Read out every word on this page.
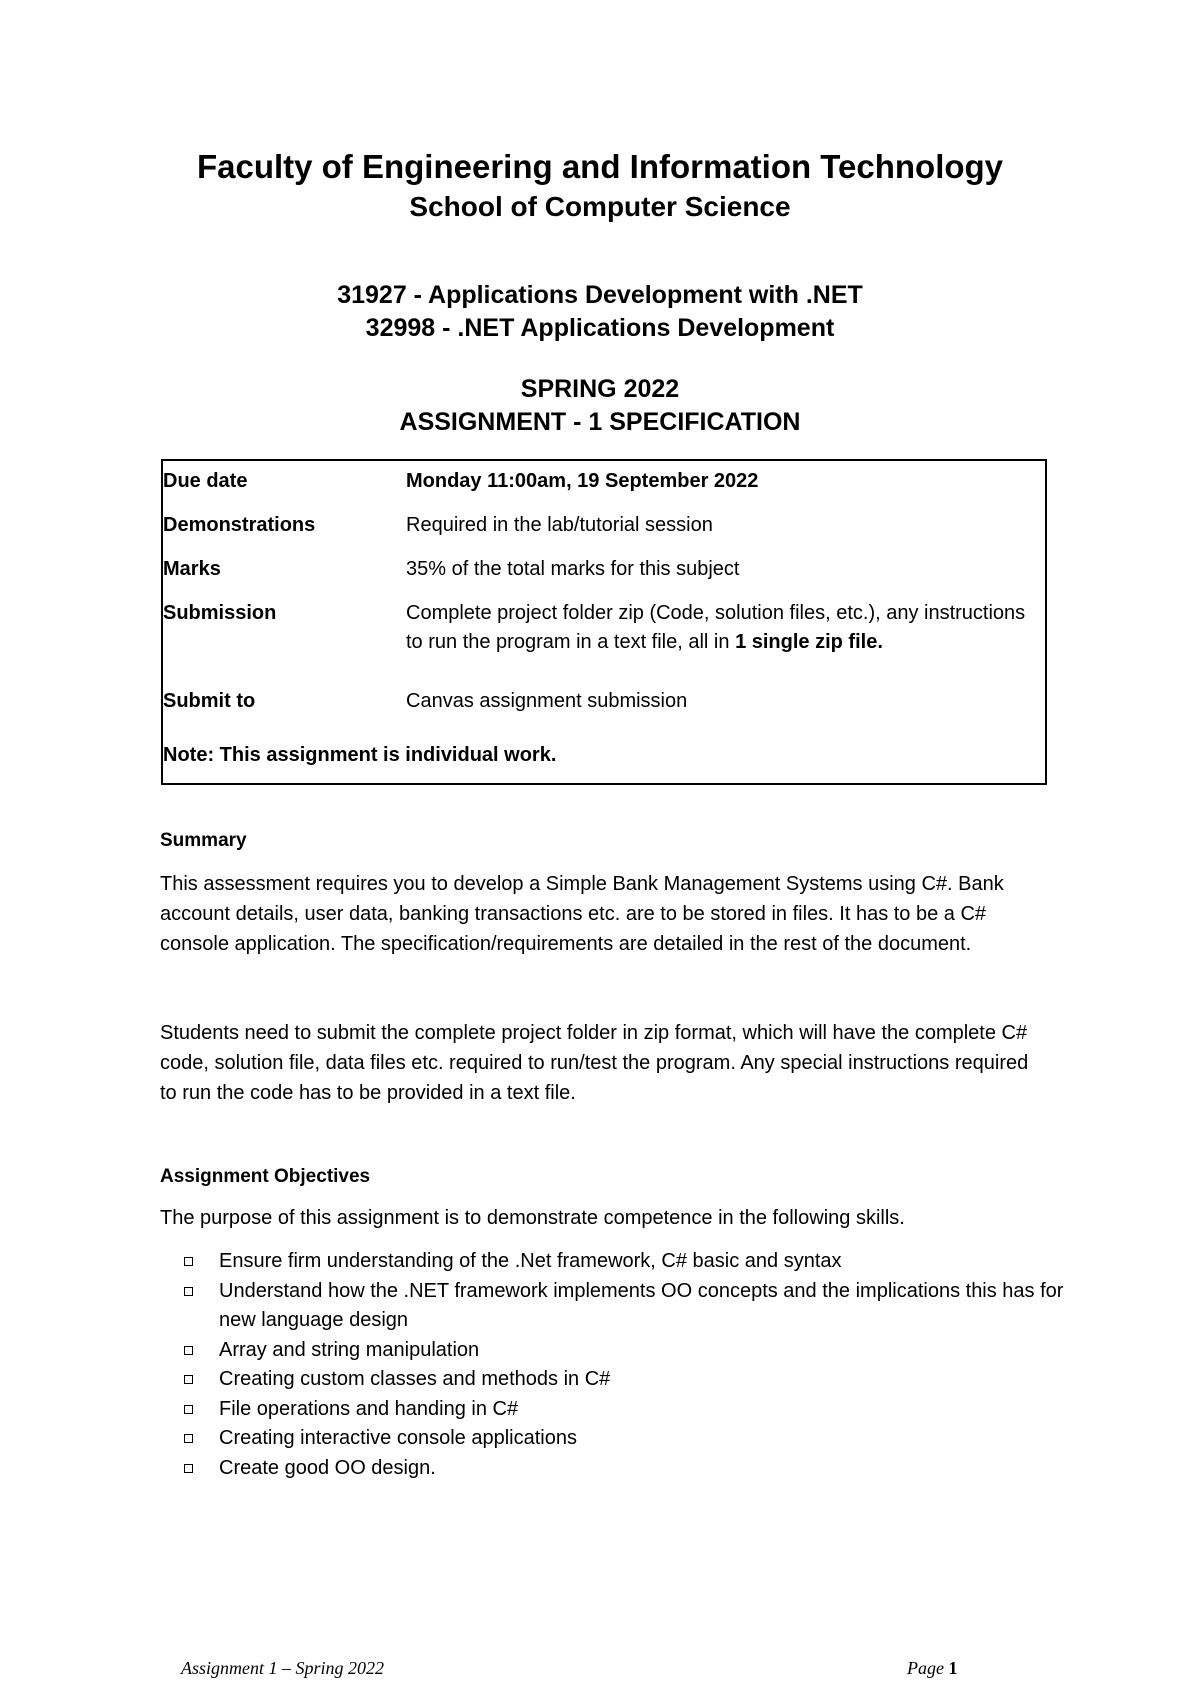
Faculty of Engineering and Information Technology
School of Computer Science
31927 - Applications Development with .NET
32998 - .NET Applications Development
SPRING 2022
ASSIGNMENT - 1 SPECIFICATION
Due date	Monday 11:00am, 19 September 2022
Demonstrations	Required in the lab/tutorial session
Marks	35% of the total marks for this subject
Submission	Complete project folder zip (Code, solution files, etc.), any instructions to run the program in a text file, all in 1 single zip file.
Submit to	Canvas assignment submission
Note: This assignment is individual work.
Summary
This assessment requires you to develop a Simple Bank Management Systems using C#. Bank account details, user data, banking transactions etc. are to be stored in files. It has to be a C# console application. The specification/requirements are detailed in the rest of the document.
Students need to submit the complete project folder in zip format, which will have the complete C# code, solution file, data files etc. required to run/test the program. Any special instructions required to run the code has to be provided in a text file.
Assignment Objectives
The purpose of this assignment is to demonstrate competence in the following skills.
Ensure firm understanding of the .Net framework, C# basic and syntax
Understand how the .NET framework implements OO concepts and the implications this has for new language design
Array and string manipulation
Creating custom classes and methods in C#
File operations and handing in C#
Creating interactive console applications
Create good OO design.
Assignment 1 – Spring 2022	Page 1
